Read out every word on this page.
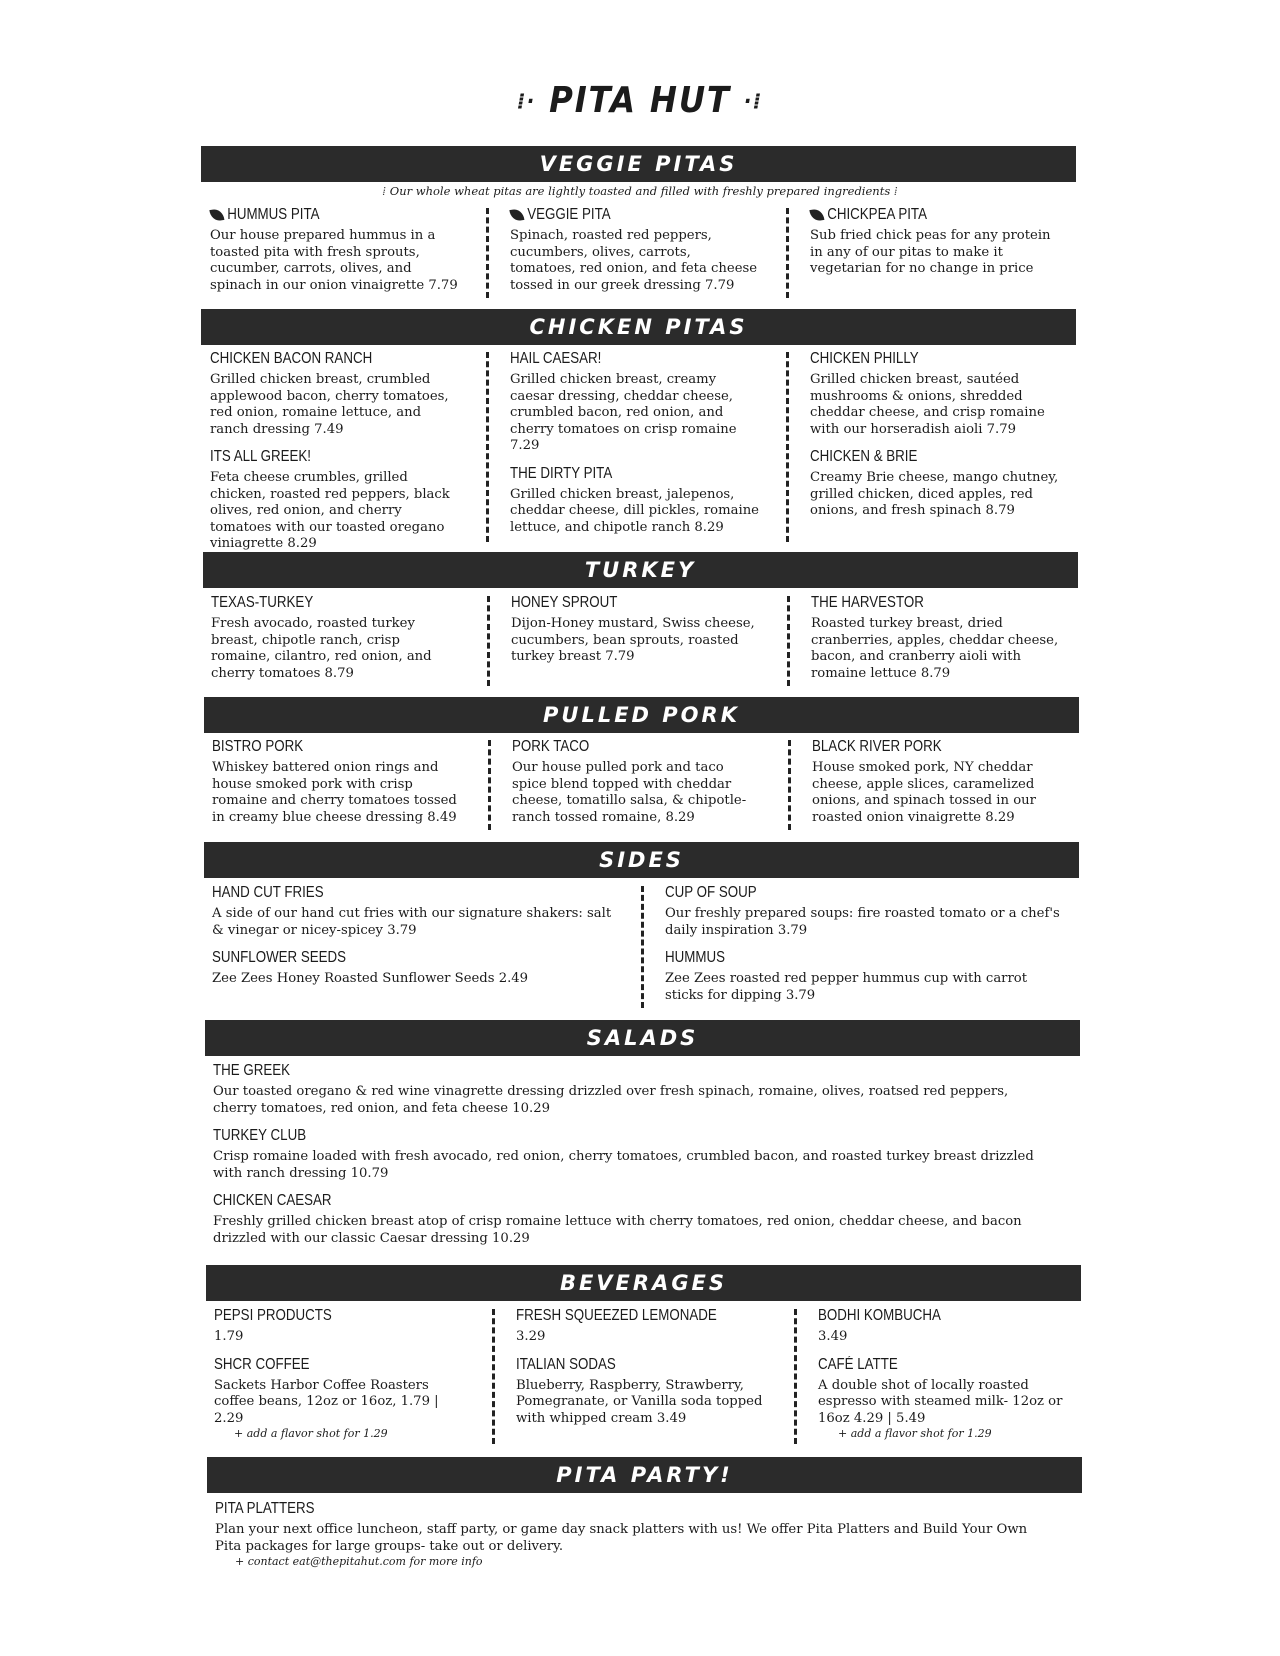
⁞· PITA HUT ·⁞
VEGGIE PITAS
⁞ Our whole wheat pitas are lightly toasted and filled with freshly prepared ingredients ⁞
HUMMUS PITA
Our house prepared hummus in a toasted pita with fresh sprouts, cucumber, carrots, olives, and spinach in our onion vinaigrette 7.79
VEGGIE PITA
Spinach, roasted red peppers, cucumbers, olives, carrots, tomatoes, red onion, and feta cheese tossed in our greek dressing 7.79
CHICKPEA PITA
Sub fried chick peas for any protein in any of our pitas to make it vegetarian for no change in price
CHICKEN PITAS
CHICKEN BACON RANCH
Grilled chicken breast, crumbled applewood bacon, cherry tomatoes, red onion, romaine lettuce, and ranch dressing 7.49
ITS ALL GREEK!
Feta cheese crumbles, grilled chicken, roasted red peppers, black olives, red onion, and cherry tomatoes with our toasted oregano viniagrette 8.29
HAIL CAESAR!
Grilled chicken breast, creamy caesar dressing, cheddar cheese, crumbled bacon, red onion, and cherry tomatoes on crisp romaine 7.29
THE DIRTY PITA
Grilled chicken breast, jalepenos, cheddar cheese, dill pickles, romaine lettuce, and chipotle ranch 8.29
CHICKEN PHILLY
Grilled chicken breast, sautéed mushrooms & onions, shredded cheddar cheese, and crisp romaine with our horseradish aioli 7.79
CHICKEN & BRIE
Creamy Brie cheese, mango chutney, grilled chicken, diced apples, red onions, and fresh spinach 8.79
TURKEY
TEXAS-TURKEY
Fresh avocado, roasted turkey breast, chipotle ranch, crisp romaine, cilantro, red onion, and cherry tomatoes 8.79
HONEY SPROUT
Dijon-Honey mustard, Swiss cheese, cucumbers, bean sprouts, roasted turkey breast 7.79
THE HARVESTOR
Roasted turkey breast, dried cranberries, apples, cheddar cheese, bacon, and cranberry aioli with romaine lettuce 8.79
PULLED PORK
BISTRO PORK
Whiskey battered onion rings and house smoked pork with crisp romaine and cherry tomatoes tossed in creamy blue cheese dressing 8.49
PORK TACO
Our house pulled pork and taco spice blend topped with cheddar cheese, tomatillo salsa, & chipotle-ranch tossed romaine, 8.29
BLACK RIVER PORK
House smoked pork, NY cheddar cheese, apple slices, caramelized onions, and spinach tossed in our roasted onion vinaigrette 8.29
SIDES
HAND CUT FRIES
A side of our hand cut fries with our signature shakers: salt & vinegar or nicey-spicey 3.79
SUNFLOWER SEEDS
Zee Zees Honey Roasted Sunflower Seeds 2.49
CUP OF SOUP
Our freshly prepared soups: fire roasted tomato or a chef's daily inspiration 3.79
HUMMUS
Zee Zees roasted red pepper hummus cup with carrot sticks for dipping 3.79
SALADS
THE GREEK
Our toasted oregano & red wine vinagrette dressing drizzled over fresh spinach, romaine, olives, roatsed red peppers, cherry tomatoes, red onion, and feta cheese 10.29
TURKEY CLUB
Crisp romaine loaded with fresh avocado, red onion, cherry tomatoes, crumbled bacon, and roasted turkey breast drizzled with ranch dressing 10.79
CHICKEN CAESAR
Freshly grilled chicken breast atop of crisp romaine lettuce with cherry tomatoes, red onion, cheddar cheese, and bacon drizzled with our classic Caesar dressing 10.29
BEVERAGES
PEPSI PRODUCTS
1.79
SHCR COFFEE
Sackets Harbor Coffee Roasters coffee beans, 12oz or 16oz, 1.79 | 2.29
+ add a flavor shot for 1.29
FRESH SQUEEZED LEMONADE
3.29
ITALIAN SODAS
Blueberry, Raspberry, Strawberry, Pomegranate, or Vanilla soda topped with whipped cream 3.49
BODHI KOMBUCHA
3.49
CAFÉ LATTE
A double shot of locally roasted espresso with steamed milk- 12oz or 16oz 4.29 | 5.49
+ add a flavor shot for 1.29
PITA PARTY!
PITA PLATTERS
Plan your next office luncheon, staff party, or game day snack platters with us! We offer Pita Platters and Build Your Own Pita packages for large groups- take out or delivery.
+ contact eat@thepitahut.com for more info
